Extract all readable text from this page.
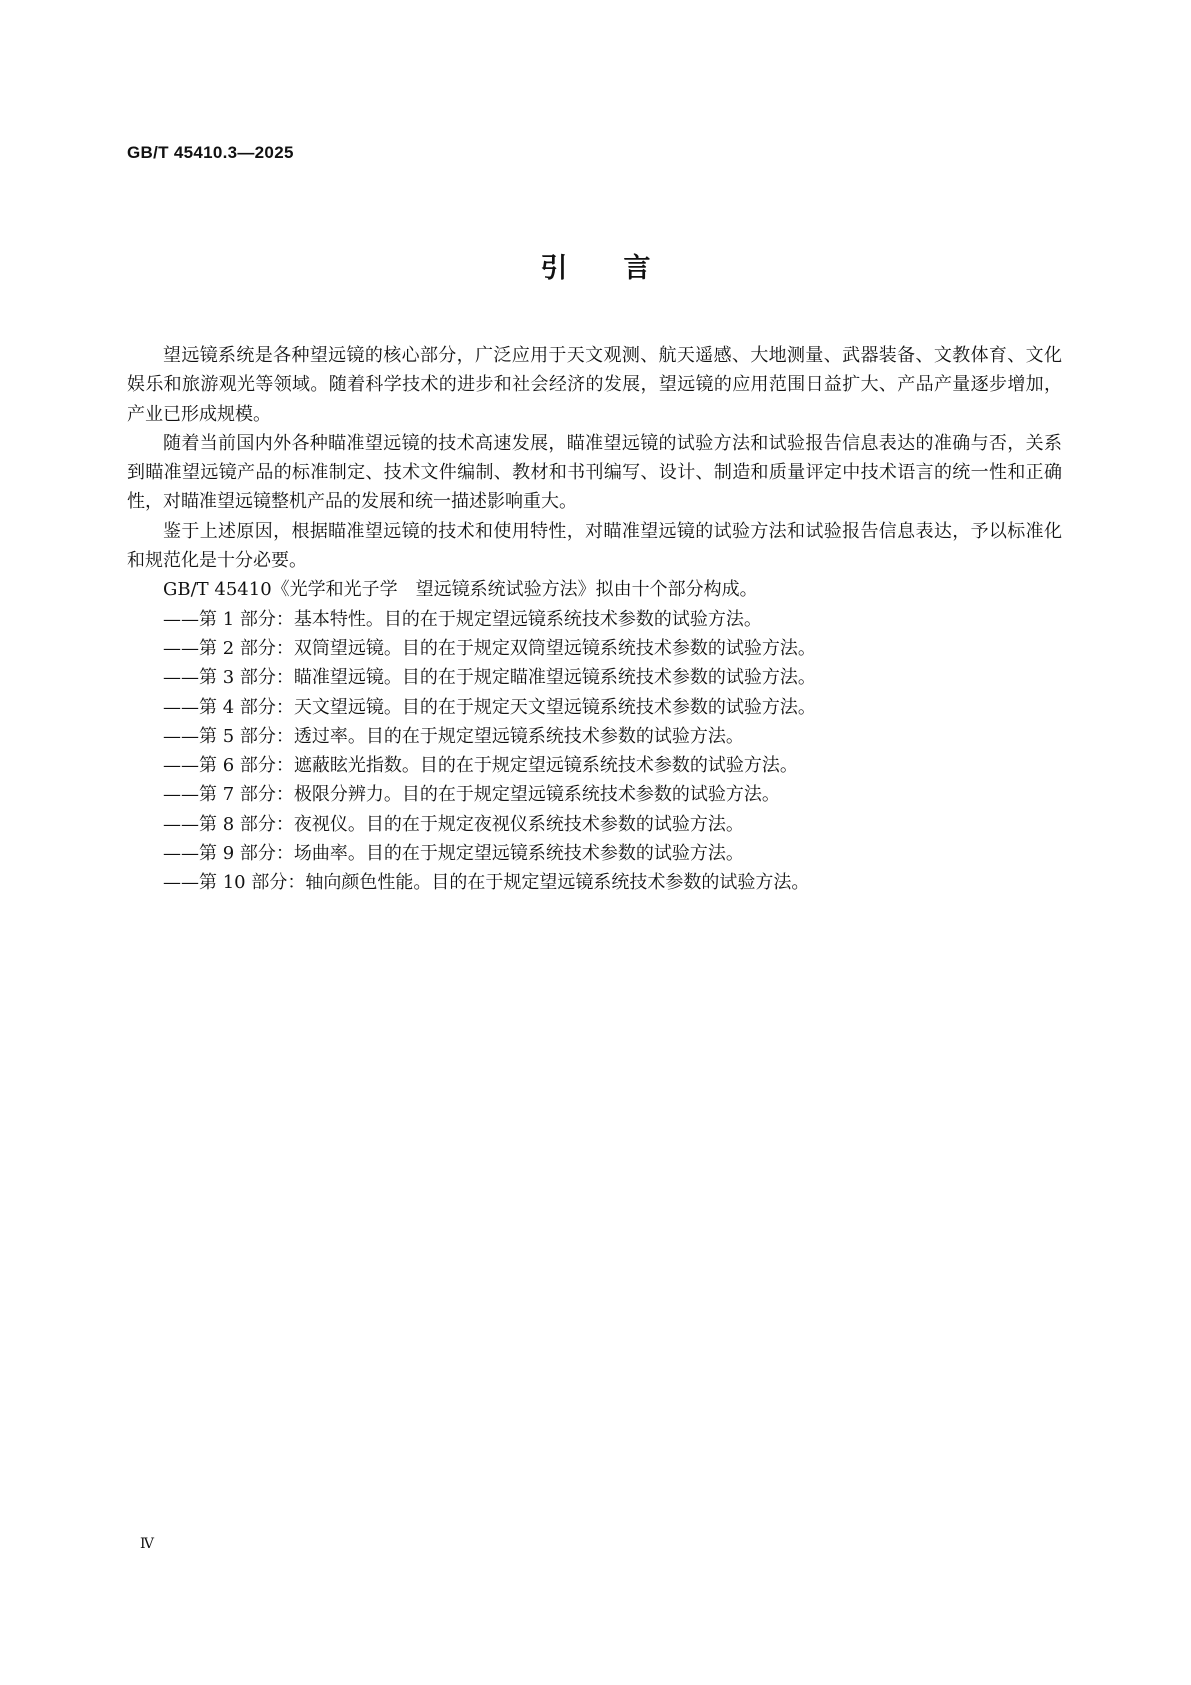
GB/T 45410.3—2025
引言

望远镜系统是各种望远镜的核心部分，广泛应用于天文观测、航天遥感、大地测量、武器装备、文教体育、文化娱乐和旅游观光等领域。随着科学技术的进步和社会经济的发展，望远镜的应用范围日益扩大、产品产量逐步增加，产业已形成规模。

随着当前国内外各种瞄准望远镜的技术高速发展，瞄准望远镜的试验方法和试验报告信息表达的准确与否，关系到瞄准望远镜产品的标准制定、技术文件编制、教材和书刊编写、设计、制造和质量评定中技术语言的统一性和正确性，对瞄准望远镜整机产品的发展和统一描述影响重大。

鉴于上述原因，根据瞄准望远镜的技术和使用特性，对瞄准望远镜的试验方法和试验报告信息表达，予以标准化和规范化是十分必要。

GB/T 45410《光学和光子学　望远镜系统试验方法》拟由十个部分构成。

——第 1 部分：基本特性。目的在于规定望远镜系统技术参数的试验方法。
——第 2 部分：双筒望远镜。目的在于规定双筒望远镜系统技术参数的试验方法。
——第 3 部分：瞄准望远镜。目的在于规定瞄准望远镜系统技术参数的试验方法。
——第 4 部分：天文望远镜。目的在于规定天文望远镜系统技术参数的试验方法。
——第 5 部分：透过率。目的在于规定望远镜系统技术参数的试验方法。
——第 6 部分：遮蔽眩光指数。目的在于规定望远镜系统技术参数的试验方法。
——第 7 部分：极限分辨力。目的在于规定望远镜系统技术参数的试验方法。
——第 8 部分：夜视仪。目的在于规定夜视仪系统技术参数的试验方法。
——第 9 部分：场曲率。目的在于规定望远镜系统技术参数的试验方法。
——第 10 部分：轴向颜色性能。目的在于规定望远镜系统技术参数的试验方法。
Ⅳ
